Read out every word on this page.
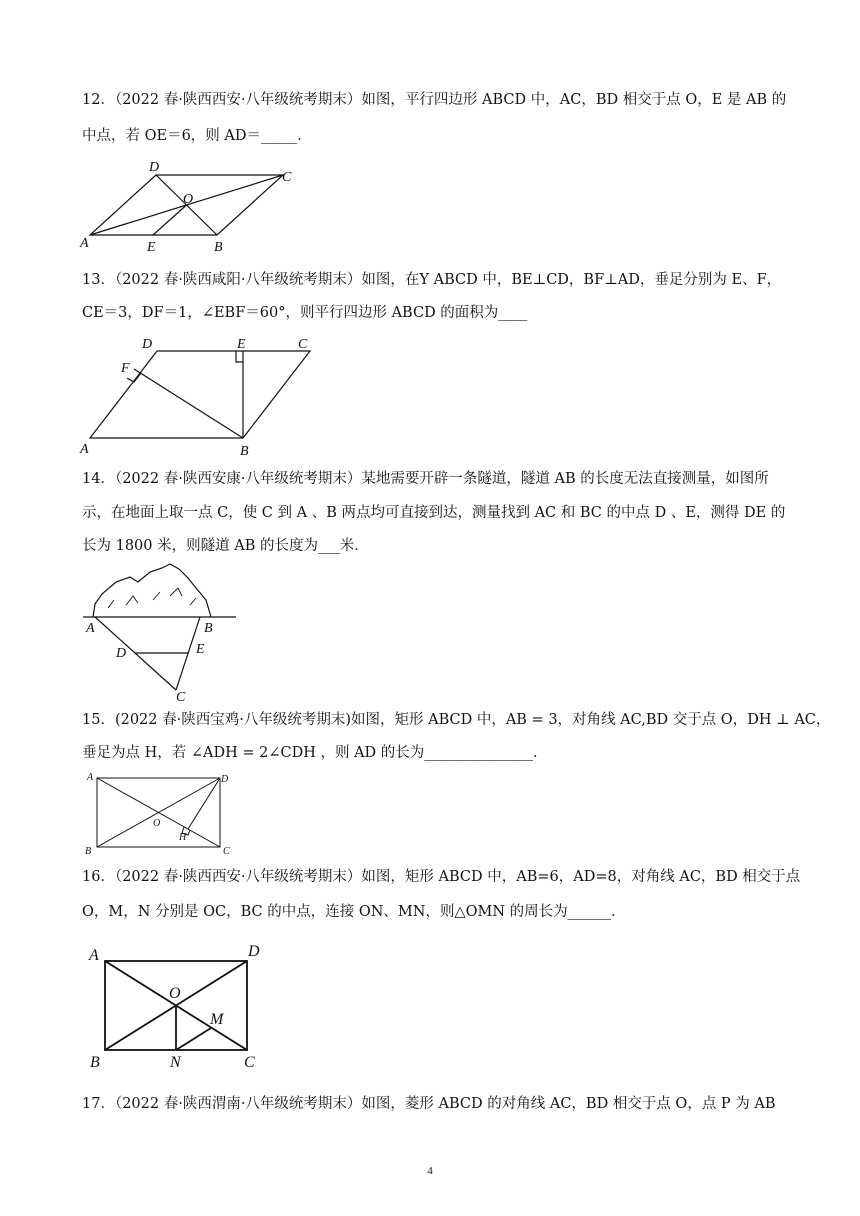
12．（2022 春·陕西西安·八年级统考期末）如图，平行四边形 ABCD 中，AC，BD 相交于点 O，E 是 AB 的
中点，若 OE＝6，则 AD＝_____．
A	B
C
D
E
O
13．（2022 春·陕西咸阳·八年级统考期末）如图，在Y ABCD 中，BE⊥CD，BF⊥AD，垂足分别为 E、F，
CE＝3，DF＝1，∠EBF＝60°，则平行四边形 ABCD 的面积为____
A	B
C
D	E
F
14．（2022 春·陕西安康·八年级统考期末）某地需要开辟一条隧道，隧道 AB 的长度无法直接测量，如图所
示，在地面上取一点 C，使 C 到 A 、B 两点均可直接到达，测量找到 AC 和 BC 的中点 D 、E，测得 DE 的
长为 1800 米，则隧道 AB 的长度为___米．
A	B
C
D	E
15．(2022 春·陕西宝鸡·八年级统考期末)如图，矩形 ABCD 中，AB = 3，对角线 AC,BD 交于点 O，DH ⊥ AC，
垂足为点 H，若 ∠ADH = 2∠CDH ，则 AD 的长为_______________．
A
B	C
D
H
O
16．（2022 春·陕西西安·八年级统考期末）如图，矩形 ABCD 中，AB=6，AD=8，对角线 AC，BD 相交于点
O，M，N 分别是 OC，BC 的中点，连接 ON、MN，则△OMN 的周长为______．
A
B	C
D
M
N
O
17．（2022 春·陕西渭南·八年级统考期末）如图，菱形 ABCD 的对角线 AC，BD 相交于点 O，点 P 为 AB
4
